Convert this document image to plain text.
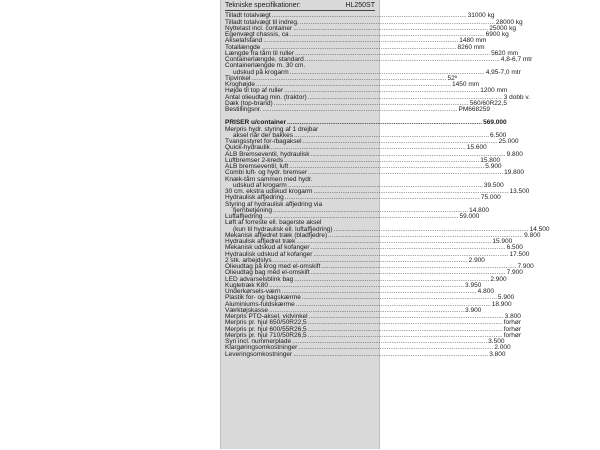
Tekniske specifikationer:	HL250ST
Tilladt totalvægt .....	31000 kg
Tilladt totalvægt til indreg. .....	28000 kg
Nyttelast incl. container .....	25000 kg
Egenvægt chassis, ca .....	6900 kg
Akselafstand .....	1480 mm
Totallængde .....	8260 mm
Længde fra tårn til ruller .....	5620 mm
Containerlængde, standard .....	4,8-6,7 mtr
Containerlængde m. 30 cm.
udskud på krogarm .....	4,95-7,0 mtr
Tipvinkel .....	52º
Kroghøjde .....	1450 mm
Højde til top af ruller .....	1200 mm
Antal olieudtag min. (traktor) .....	3 dobb v.
Dæk (top-brand) .....	560/60R22,5
Bestillingsnr. .....	PM668259
PRISER u/container .....	569.000
Merpris hydr. styring af 1 drejbar
aksel når der bakkes .....	6.500
Tvangsstyret for-/bagaksel .....	25.000
Quick-hydraulik .....	15.600
ALB Bremseventil, hydraulisk .....	9.800
Luftbremser 2-kreds .....	15.800
ALB bremseventil, luft .....	5.900
Combi luft- og hydr. bremser .....	19.800
Knæk-tårn sammen med hydr.
udskud af krogarm .....	39.500
30 cm. ekstra udskud krogarm .....	13.500
Hydraulisk affjedring .....	75.000
Styring af hydraulisk affjedring via
fjernbetjening .....	14.800
Luftaffjedring .....	59.000
Løft af forreste ell. bagerste aksel
(kun til hydraulisk ell. luftaffjedring) .....	14.500
Mekanisk affjedret træk (bladfjedre) .....	9.800
Hydraulisk affjedret træk .....	15.900
Mekanisk udskud af kofanger .....	6.500
Hydraulisk udskud af kofanger .....	17.500
2 stk. arbejdslys .....	2.900
Olieudtag på krog med el-omskift .....	7.900
Olieudtag bag med el-omskift .....	7.900
LED advarselsblink bag .....	2.900
Kugletræk K80 .....	3.950
Underkørsels-værn .....	4.800
Plastik for- og bagskærme .....	5.900
Aluminiums-fuldskærme .....	18.900
Værktøjskasse .....	3.900
Merpris PTO-aksel, vidvinkel .....	3.800
Merpris pr. hjul 650/50R22,5 .....	forhør
Merpris pr. hjul 600/55R26,5 .....	forhør
Merpris pr. hjul 710/50R26,5 .....	forhør
Syn incl. nummerplade .....	3.500
Klargøringsomkostninger .....	2.000
Leveringsomkostninger .....	3.800
